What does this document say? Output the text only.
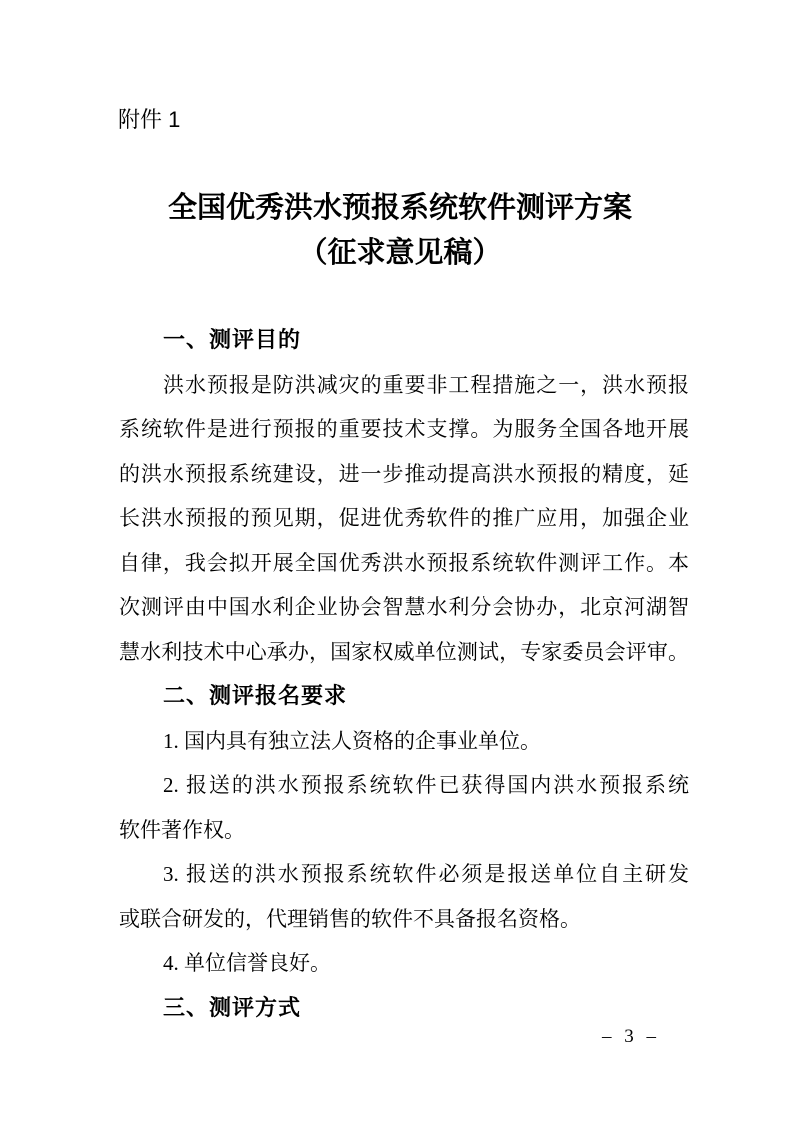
附件 1
全国优秀洪水预报系统软件测评方案
（征求意见稿）
一、测评目的
洪水预报是防洪减灾的重要非工程措施之一，洪水预报
系统软件是进行预报的重要技术支撑。为服务全国各地开展
的洪水预报系统建设，进一步推动提高洪水预报的精度，延
长洪水预报的预见期，促进优秀软件的推广应用，加强企业
自律，我会拟开展全国优秀洪水预报系统软件测评工作。本
次测评由中国水利企业协会智慧水利分会协办，北京河湖智
慧水利技术中心承办，国家权威单位测试，专家委员会评审。
二、测评报名要求
1. 国内具有独立法人资格的企事业单位。
2. 报送的洪水预报系统软件已获得国内洪水预报系统
软件著作权。
3. 报送的洪水预报系统软件必须是报送单位自主研发
或联合研发的，代理销售的软件不具备报名资格。
4. 单位信誉良好。
三、测评方式
– 3 –
